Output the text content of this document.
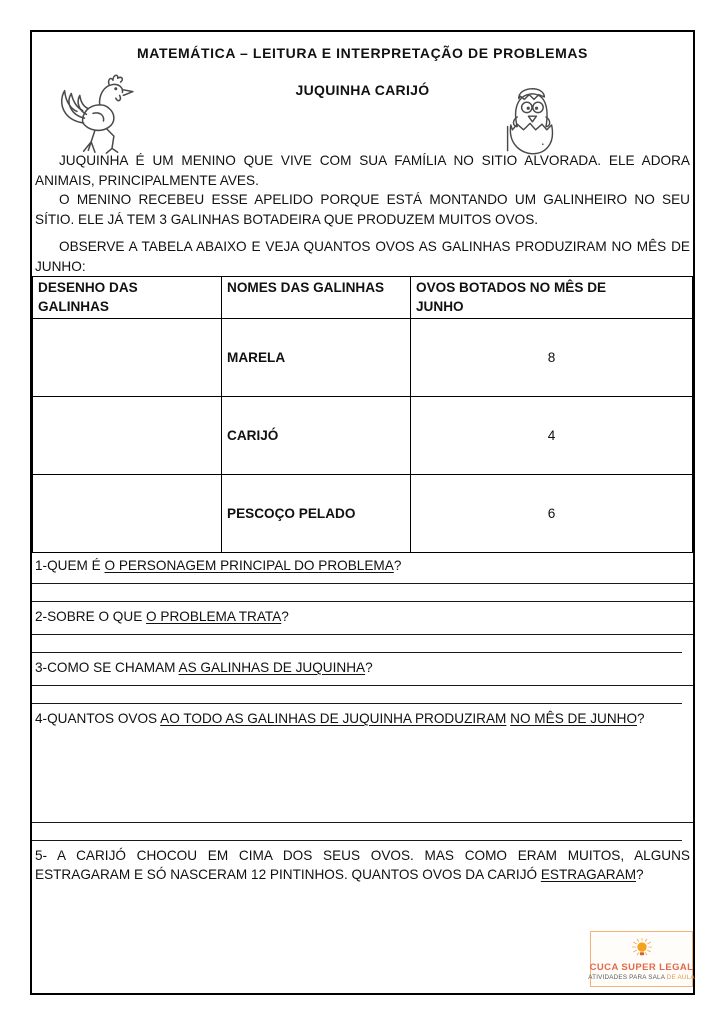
MATEMÁTICA – LEITURA E INTERPRETAÇÃO DE PROBLEMAS
JUQUINHA CARIJÓ

JUQUINHA É UM MENINO QUE VIVE COM SUA FAMÍLIA NO SITIO ALVORADA. ELE ADORA ANIMAIS, PRINCIPALMENTE AVES.

O MENINO RECEBEU ESSE APELIDO PORQUE ESTÁ MONTANDO UM GALINHEIRO NO SEU SÍTIO. ELE JÁ TEM 3 GALINHAS BOTADEIRA QUE PRODUZEM MUITOS OVOS.

OBSERVE A TABELA ABAIXO E VEJA QUANTOS OVOS AS GALINHAS PRODUZIRAM NO MÊS DE JUNHO:

DESENHO DAS
GALINHAS	NOMES DAS GALINHAS	OVOS BOTADOS NO MÊS DE
JUNHO

	MARELA	8
	CARIJÓ	4
	PESCOÇO PELADO	6

1-QUEM É O PERSONAGEM PRINCIPAL DO PROBLEMA?

2-SOBRE O QUE O PROBLEMA TRATA?

3-COMO SE CHAMAM AS GALINHAS DE JUQUINHA?

4-QUANTOS OVOS AO TODO AS GALINHAS DE JUQUINHA PRODUZIRAM NO MÊS DE JUNHO?

5- A CARIJÓ CHOCOU EM CIMA DOS SEUS OVOS. MAS COMO ERAM MUITOS, ALGUNS ESTRAGARAM E SÓ NASCERAM 12 PINTINHOS. QUANTOS OVOS DA CARIJÓ ESTRAGARAM?

CUCA SUPER LEGAL
ATIVIDADES PARA SALA DE AULA
